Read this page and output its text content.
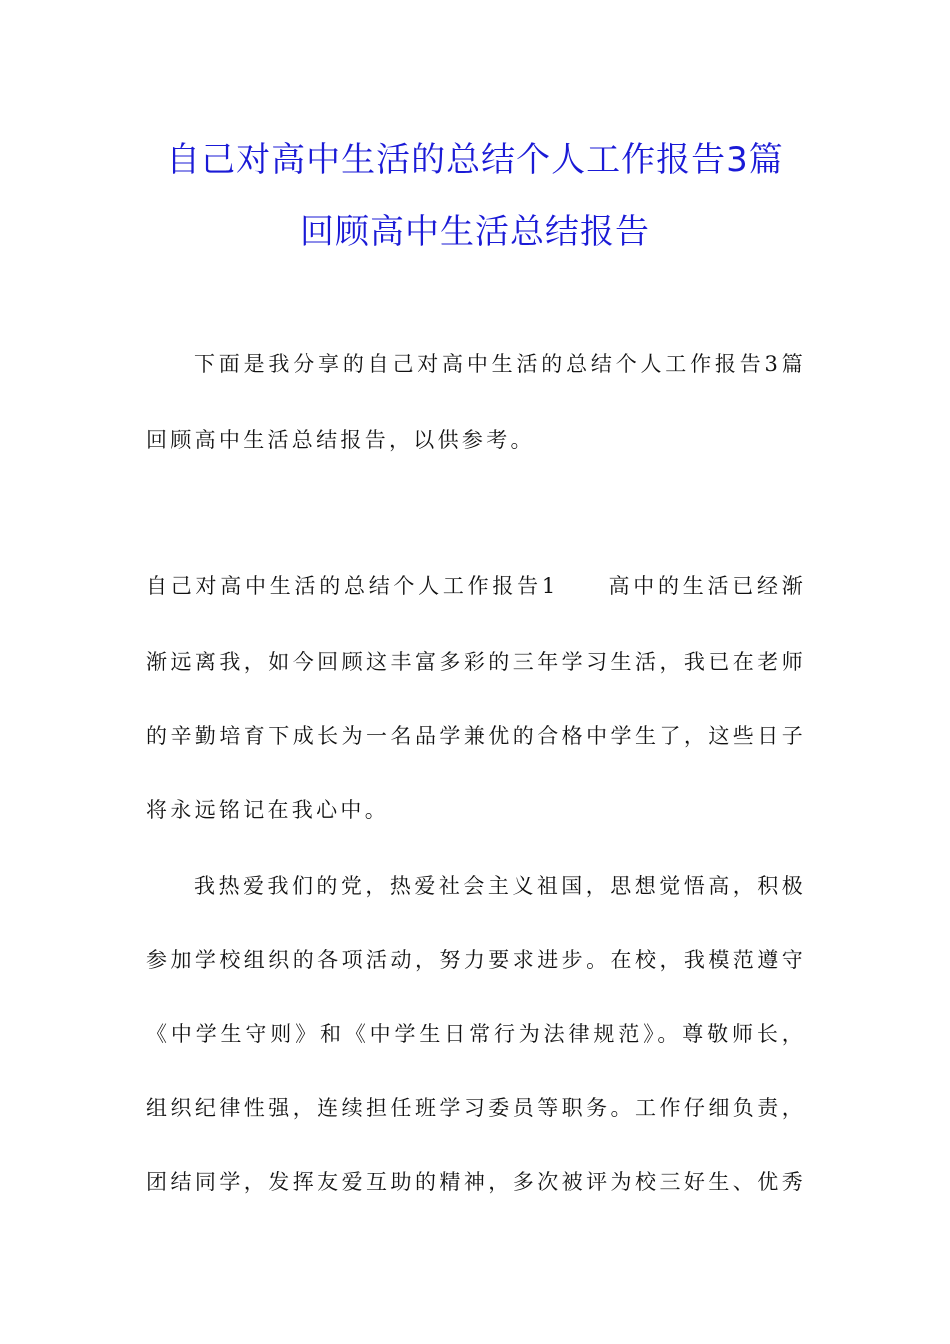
自己对高中生活的总结个人工作报告3篇
回顾高中生活总结报告
下面是我分享的自己对高中生活的总结个人工作报告3篇
回顾高中生活总结报告，以供参考。
自己对高中生活的总结个人工作报告1　　高中的生活已经渐
渐远离我，如今回顾这丰富多彩的三年学习生活，我已在老师
的辛勤培育下成长为一名品学兼优的合格中学生了，这些日子
将永远铭记在我心中。
我热爱我们的党，热爱社会主义祖国，思想觉悟高，积极
参加学校组织的各项活动，努力要求进步。在校，我模范遵守
《中学生守则》和《中学生日常行为法律规范》。尊敬师长，
组织纪律性强，连续担任班学习委员等职务。工作仔细负责，
团结同学，发挥友爱互助的精神，多次被评为校三好生、优秀
